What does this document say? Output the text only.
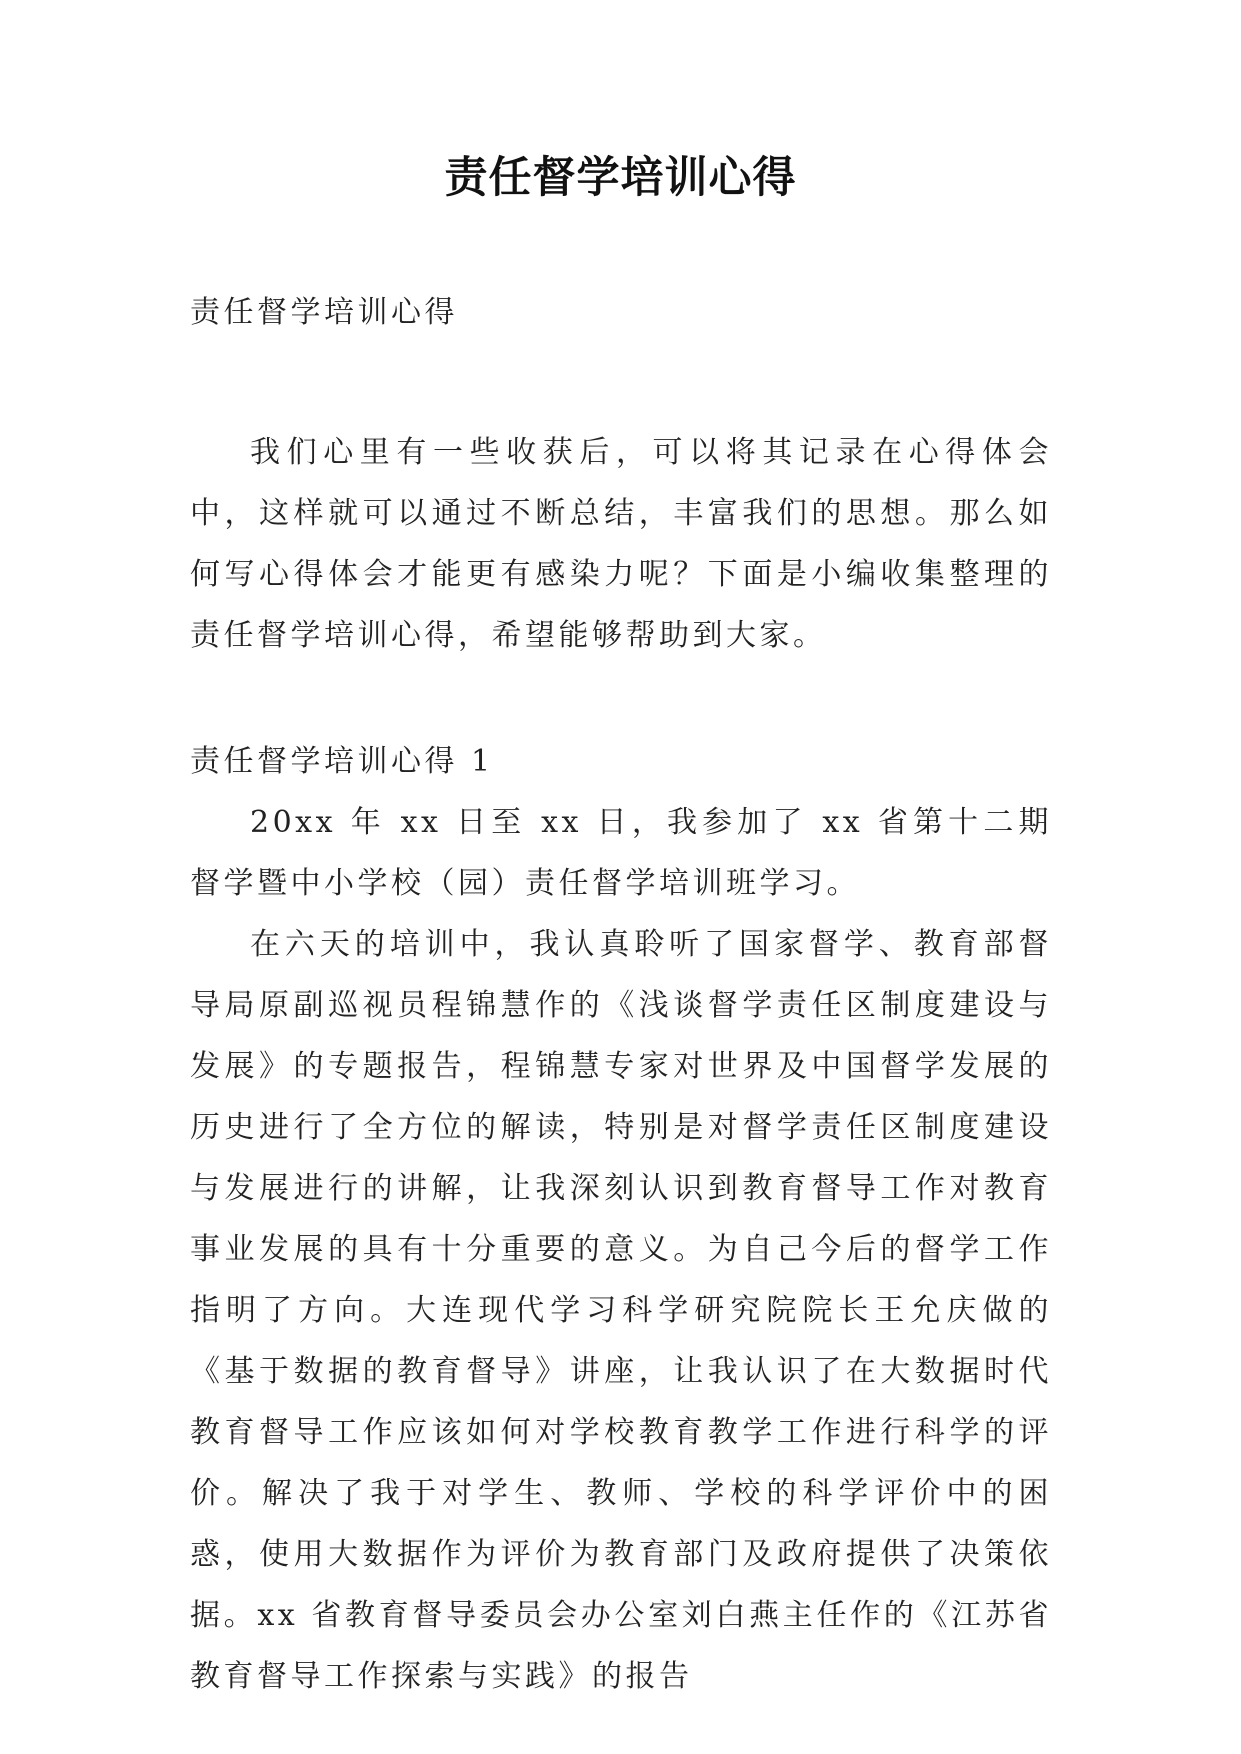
责任督学培训心得

责任督学培训心得

我们心里有一些收获后，可以将其记录在心得体会中，这样就可以通过不断总结，丰富我们的思想。那么如何写心得体会才能更有感染力呢？下面是小编收集整理的责任督学培训心得，希望能够帮助到大家。

责任督学培训心得 1

20xx 年 xx 日至 xx 日，我参加了 xx 省第十二期督学暨中小学校（园）责任督学培训班学习。

在六天的培训中，我认真聆听了国家督学、教育部督导局原副巡视员程锦慧作的《浅谈督学责任区制度建设与发展》的专题报告，程锦慧专家对世界及中国督学发展的历史进行了全方位的解读，特别是对督学责任区制度建设与发展进行的讲解，让我深刻认识到教育督导工作对教育事业发展的具有十分重要的意义。为自己今后的督学工作指明了方向。大连现代学习科学研究院院长王允庆做的《基于数据的教育督导》讲座，让我认识了在大数据时代教育督导工作应该如何对学校教育教学工作进行科学的评价。解决了我于对学生、教师、学校的科学评价中的困惑，使用大数据作为评价为教育部门及政府提供了决策依据。xx 省教育督导委员会办公室刘白燕主任作的《江苏省教育督导工作探索与实践》的报告
